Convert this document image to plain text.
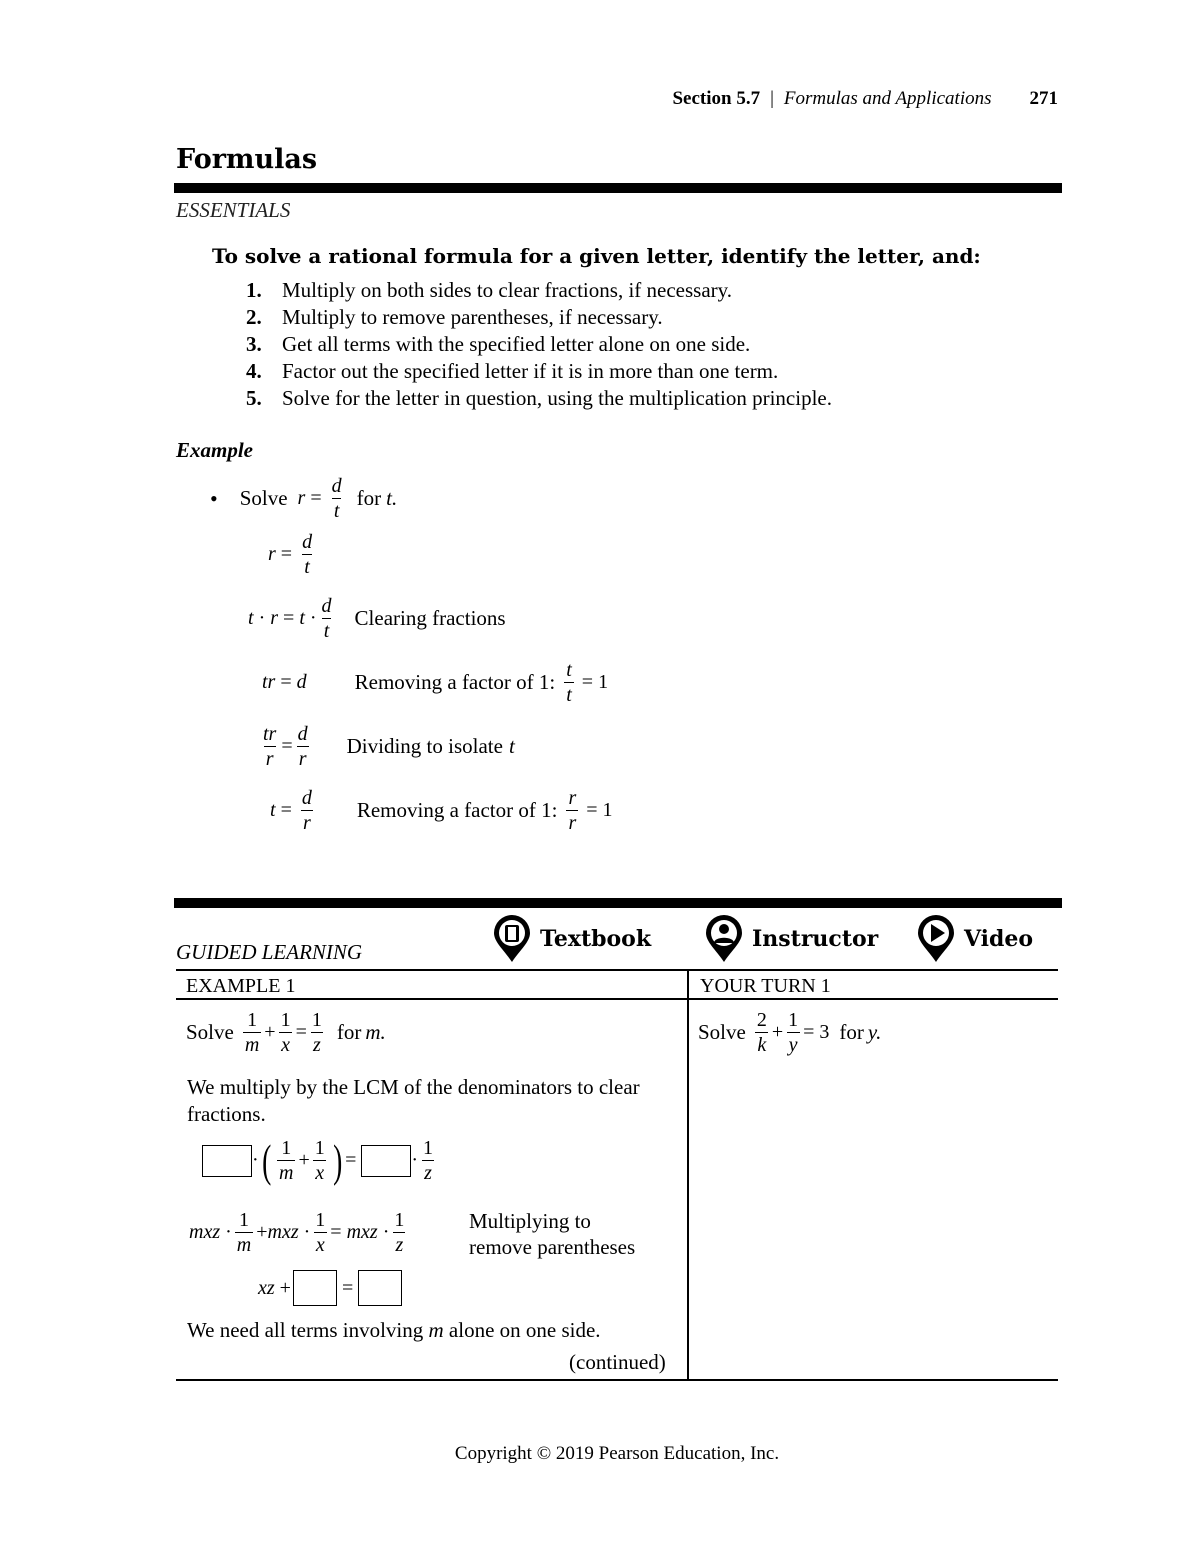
Section 5.7 | Formulas and Applications 271
Formulas
ESSENTIALS
To solve a rational formula for a given letter, identify the letter, and:
1. Multiply on both sides to clear fractions, if necessary.
2. Multiply to remove parentheses, if necessary.
3. Get all terms with the specified letter alone on one side.
4. Factor out the specified letter if it is in more than one term.
5. Solve for the letter in question, using the multiplication principle.
Example
• Solve $r = \frac{d}{t}$ for t.
$r = \frac{d}{t}$
$t \cdot r = t \cdot \frac{d}{t}$ Clearing fractions
tr = d Removing a factor of 1: $\frac{t}{t} = 1$
$\frac{tr}{r} = \frac{d}{r}$ Dividing to isolate t
$t = \frac{d}{r}$ Removing a factor of 1: $\frac{r}{r} = 1$
GUIDED LEARNING	Textbook	Instructor	Video
EXAMPLE 1	YOUR TURN 1
Solve $\frac{1}{m} + \frac{1}{x} = \frac{1}{z}$ for m.
We multiply by the LCM of the denominators to clear fractions.
· ( $\frac{1}{m} + \frac{1}{x}$ ) =	· $\frac{1}{z}$
mxz · $\frac{1}{m}$ + mxz · $\frac{1}{x}$ = mxz · $\frac{1}{z}$	Multiplying to
remove parentheses
xz +
=
We need all terms involving m alone on one side.
(continued)
Solve $\frac{2}{k} + \frac{1}{y} = 3$ for y.
Copyright © 2019 Pearson Education, Inc.
